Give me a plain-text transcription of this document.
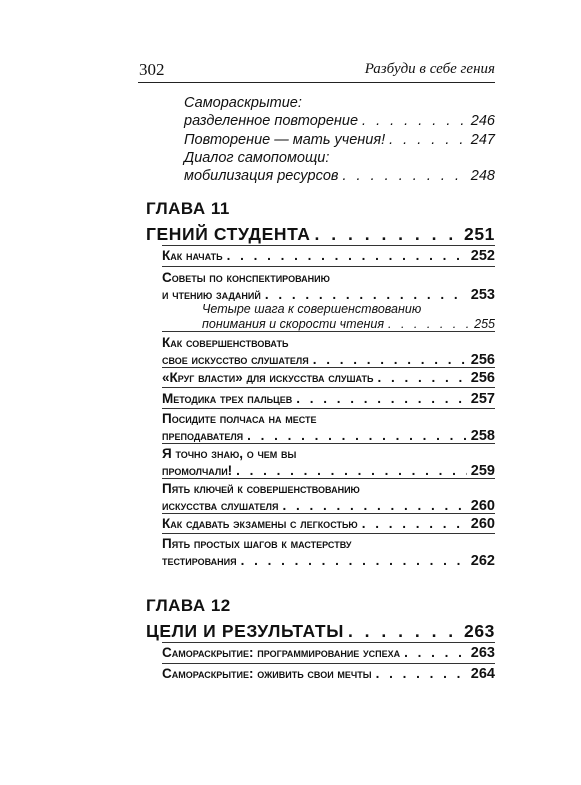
302	Разбуди в себе гения
Самораскрытие:
разделенное повторение . . .	246
Повторение — мать учения! . . .	247
Диалог самопомощи:
мобилизация ресурсов . . .	248
ГЛАВА 11
ГЕНИЙ СТУДЕНТА . . .	251
Как начать . . .	252
Советы по конспектированию
и чтению заданий . . .	253
Четыре шага к совершенствованию
понимания и скорости чтения . . .	255
Как совершенствовать
свое искусство слушателя . . .	256
«Круг власти» для искусства слушать . . .	256
Методика трех пальцев . . .	257
Посидите полчаса на месте
преподавателя . . .	258
Я точно знаю, о чем вы
промолчали! . . .	259
Пять ключей к совершенствованию
искусства слушателя . . .	260
Как сдавать экзамены с легкостью . . .	260
Пять простых шагов к мастерству
тестирования . . .	262
ГЛАВА 12
ЦЕЛИ И РЕЗУЛЬТАТЫ . . .	263
Самораскрытие: программирование успеха . . .	263
Самораскрытие: оживить свои мечты . . .	264
